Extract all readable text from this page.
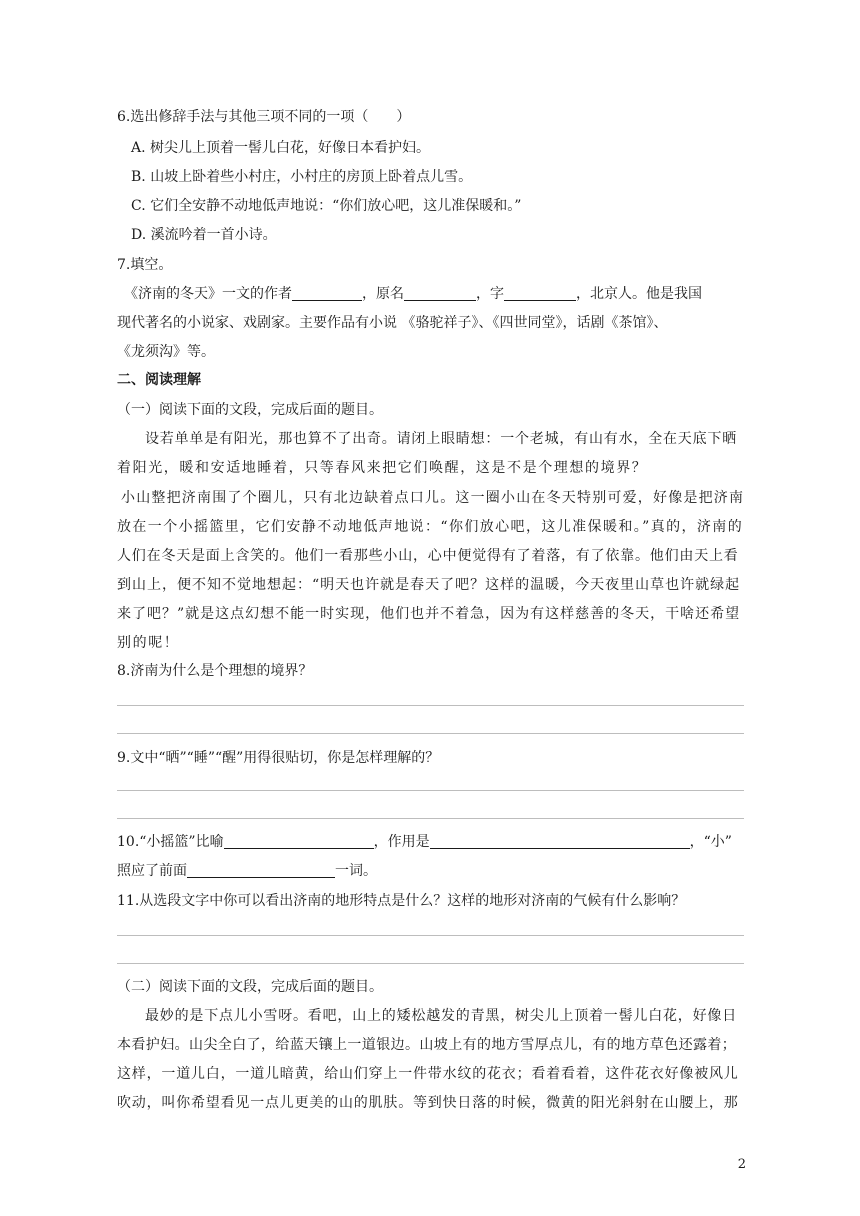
6.选出修辞手法与其他三项不同的一项（　　）
A. 树尖儿上顶着一髻儿白花，好像日本看护妇。
B. 山坡上卧着些小村庄，小村庄的房顶上卧着点儿雪。
C. 它们全安静不动地低声地说：“你们放心吧，这儿准保暖和。”
D. 溪流吟着一首小诗。
7.填空。
《济南的冬天》一文的作者	，原名	，字	，北京人。他是我国
现代著名的小说家、戏剧家。主要作品有小说 《骆驼祥子》、《四世同堂》，话剧《茶馆》、
《龙须沟》等。
二、阅读理解
（一）阅读下面的文段，完成后面的题目。
设若单单是有阳光，那也算不了出奇。请闭上眼睛想：一个老城，有山有水，全在天底下晒
着阳光，暖和安适地睡着，只等春风来把它们唤醒，这是不是个理想的境界？
小山整把济南围了个圈儿，只有北边缺着点口儿。这一圈小山在冬天特别可爱，好像是把济南
放在一个小摇篮里，它们安静不动地低声地说：“你们放心吧，这儿准保暖和。”真的，济南的
人们在冬天是面上含笑的。他们一看那些小山，心中便觉得有了着落，有了依靠。他们由天上看
到山上，便不知不觉地想起：“明天也许就是春天了吧？这样的温暖，今天夜里山草也许就绿起
来了吧？”就是这点幻想不能一时实现，他们也并不着急，因为有这样慈善的冬天，干啥还希望
别的呢！
8.济南为什么是个理想的境界？
9.文中“晒”“睡”“醒”用得很贴切，你是怎样理解的？
10.“小摇篮”比喻	，作用是	，“小”
照应了前面	一词。
11.从选段文字中你可以看出济南的地形特点是什么？这样的地形对济南的气候有什么影响？
（二）阅读下面的文段，完成后面的题目。
最妙的是下点儿小雪呀。看吧，山上的矮松越发的青黑，树尖儿上顶着一髻儿白花，好像日
本看护妇。山尖全白了，给蓝天镶上一道银边。山坡上有的地方雪厚点儿，有的地方草色还露着；
这样，一道儿白，一道儿暗黄，给山们穿上一件带水纹的花衣；看着看着，这件花衣好像被风儿
吹动，叫你希望看见一点儿更美的山的肌肤。等到快日落的时候，微黄的阳光斜射在山腰上，那
2
